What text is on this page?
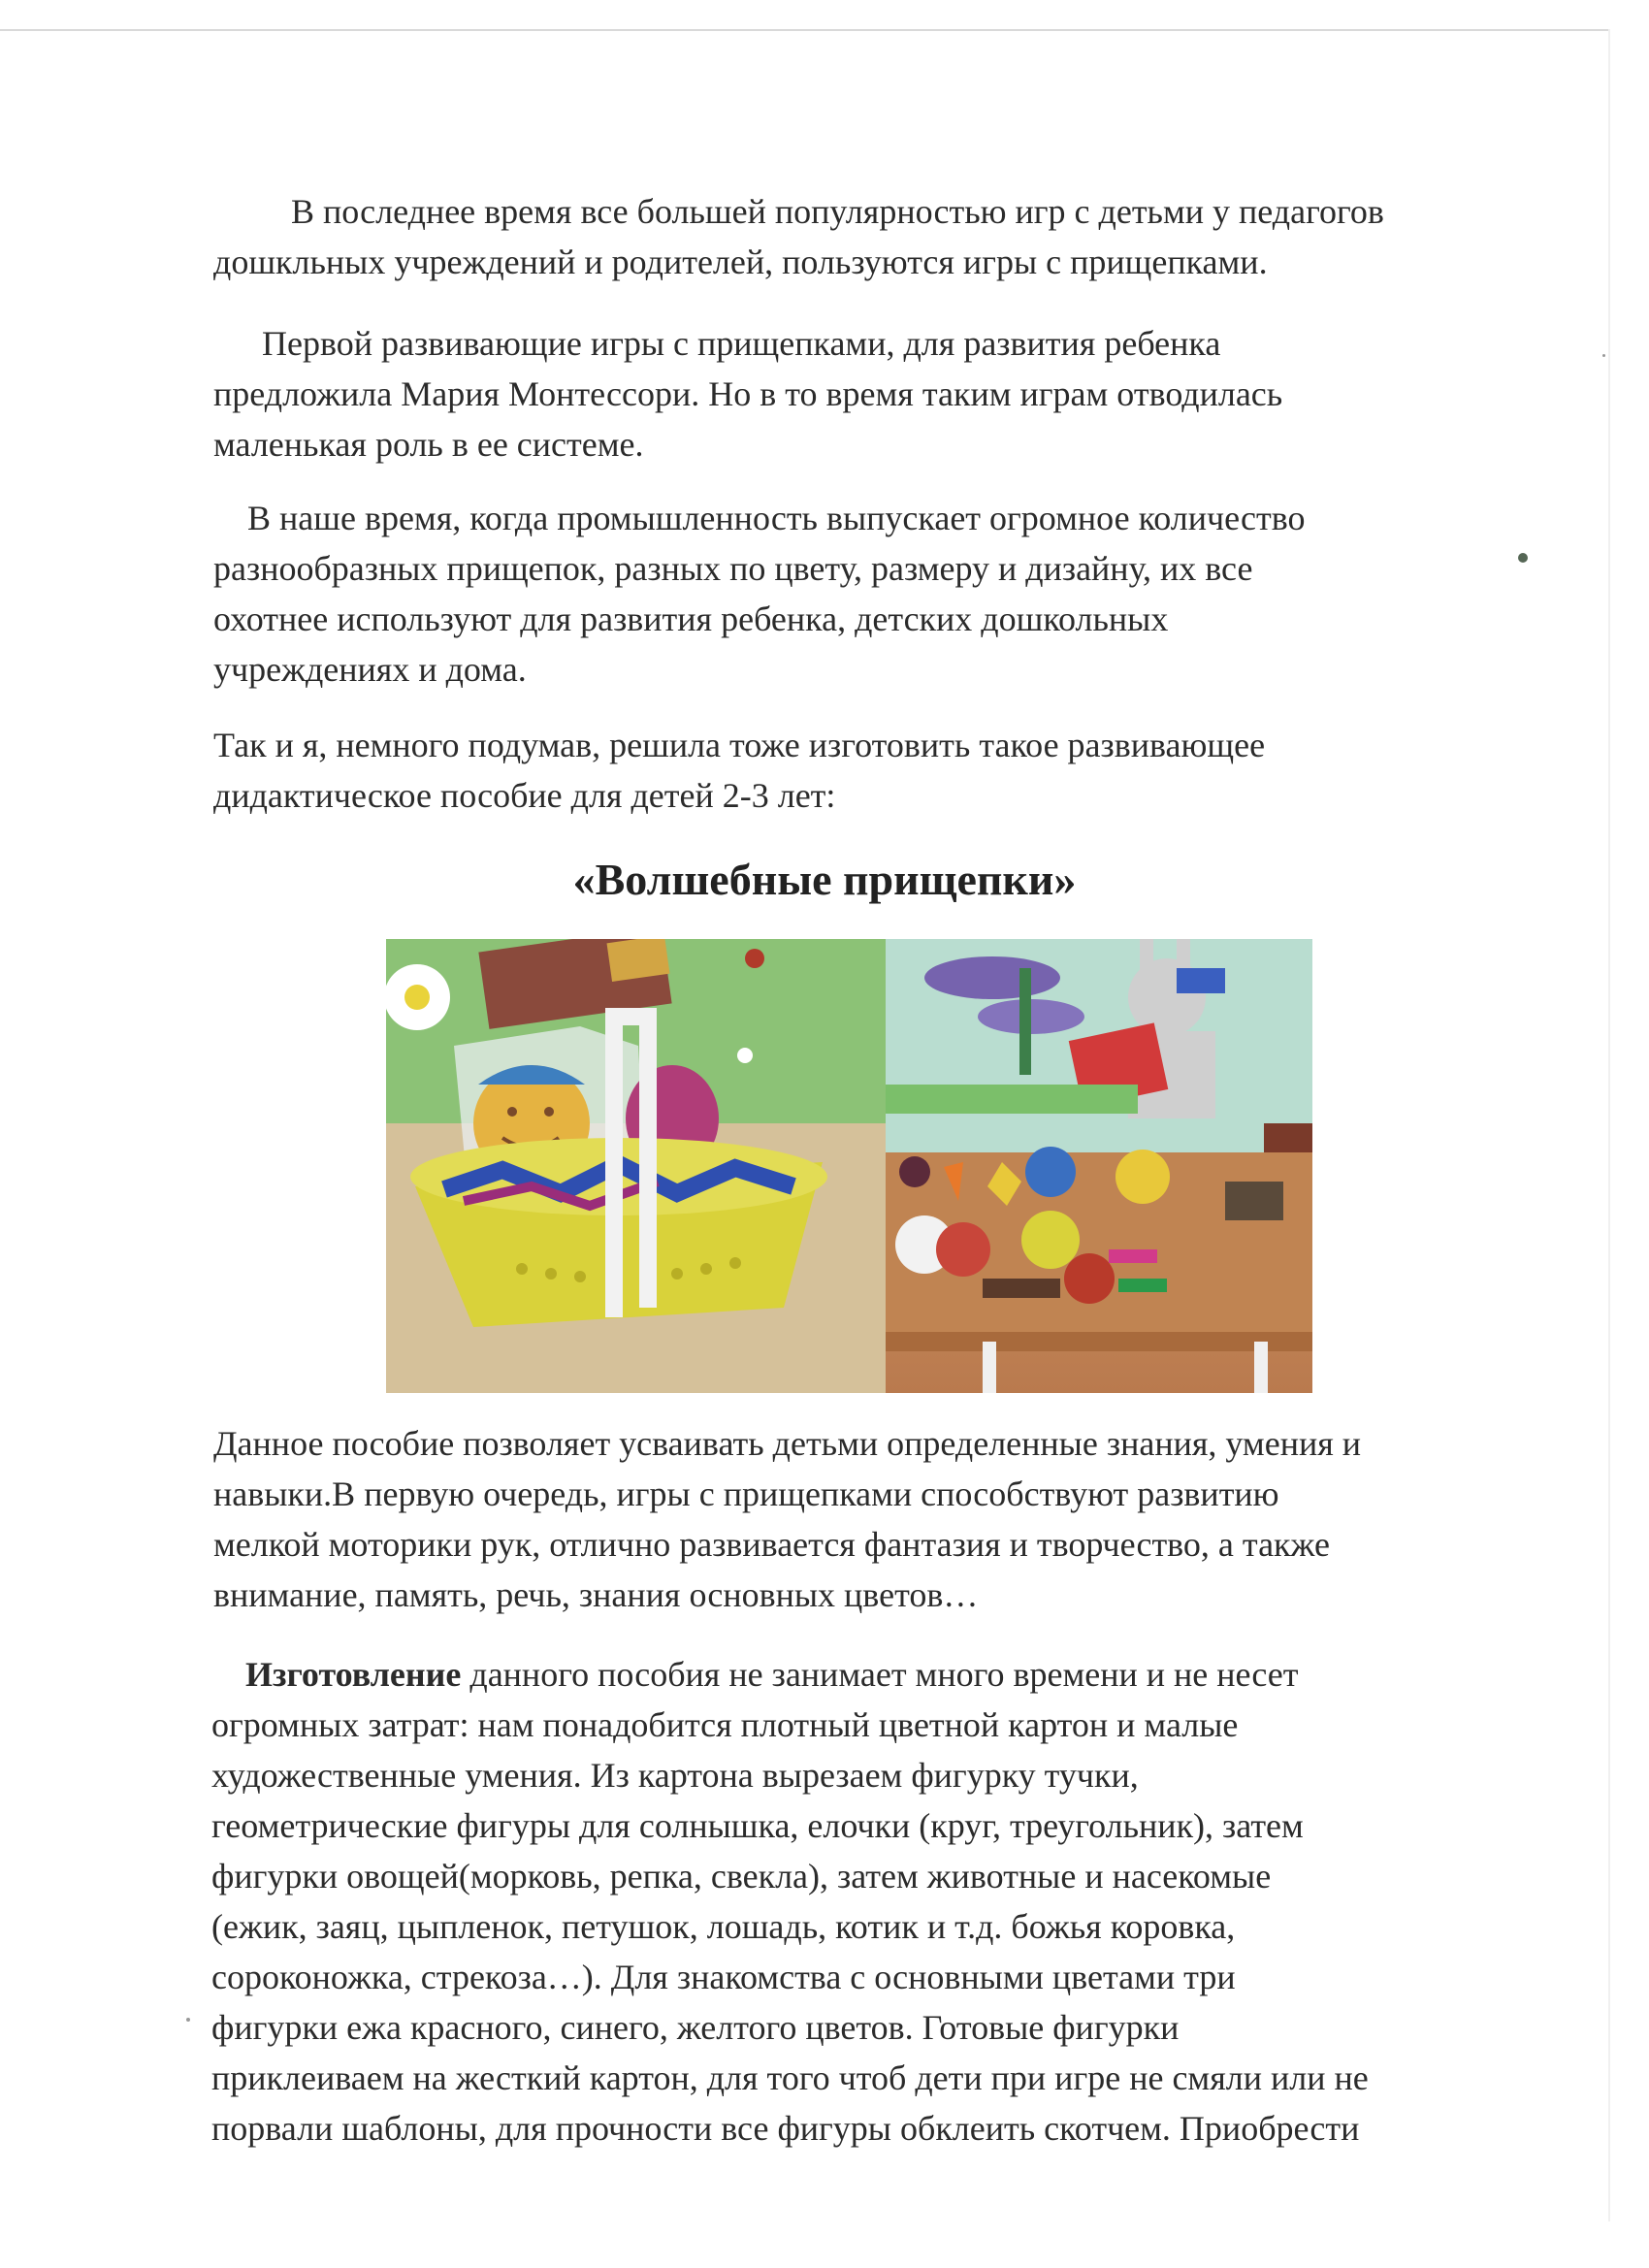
В последнее время все большей популярностью игр с детьми у педагогов
дошкльных учреждений и родителей, пользуются игры с прищепками.

Первой развивающие игры с прищепками, для развития ребенка
предложила Мария Монтессори. Но в то время таким играм отводилась
маленькая роль в ее системе.

В наше время, когда промышленность выпускает огромное количество
разнообразных прищепок, разных по цвету, размеру и дизайну, их все
охотнее используют для развития ребенка, детских дошкольных
учреждениях и дома.

Так и я, немного подумав, решила тоже изготовить такое развивающее
дидактическое пособие для детей 2-3 лет:

«Волшебные прищепки»

Данное пособие позволяет усваивать детьми определенные знания, умения и
навыки.В первую очередь, игры с прищепками способствуют развитию
мелкой моторики рук, отлично развивается фантазия и творчество, а также
внимание, память, речь, знания основных цветов…

Изготовление данного пособия не занимает много времени и не несет
огромных затрат: нам понадобится плотный цветной картон и малые
художественные умения. Из картона вырезаем фигурку тучки,
геометрические фигуры для солнышка, елочки (круг, треугольник), затем
фигурки овощей(морковь, репка, свекла), затем животные и насекомые
(ежик, заяц, цыпленок, петушок, лошадь, котик и т.д. божья коровка,
сороконожка, стрекоза…). Для знакомства с основными цветами три
фигурки ежа красного, синего, желтого цветов. Готовые фигурки
приклеиваем на жесткий картон, для того чтоб дети при игре не смяли или не
порвали шаблоны, для прочности все фигуры обклеить скотчем. Приобрести
